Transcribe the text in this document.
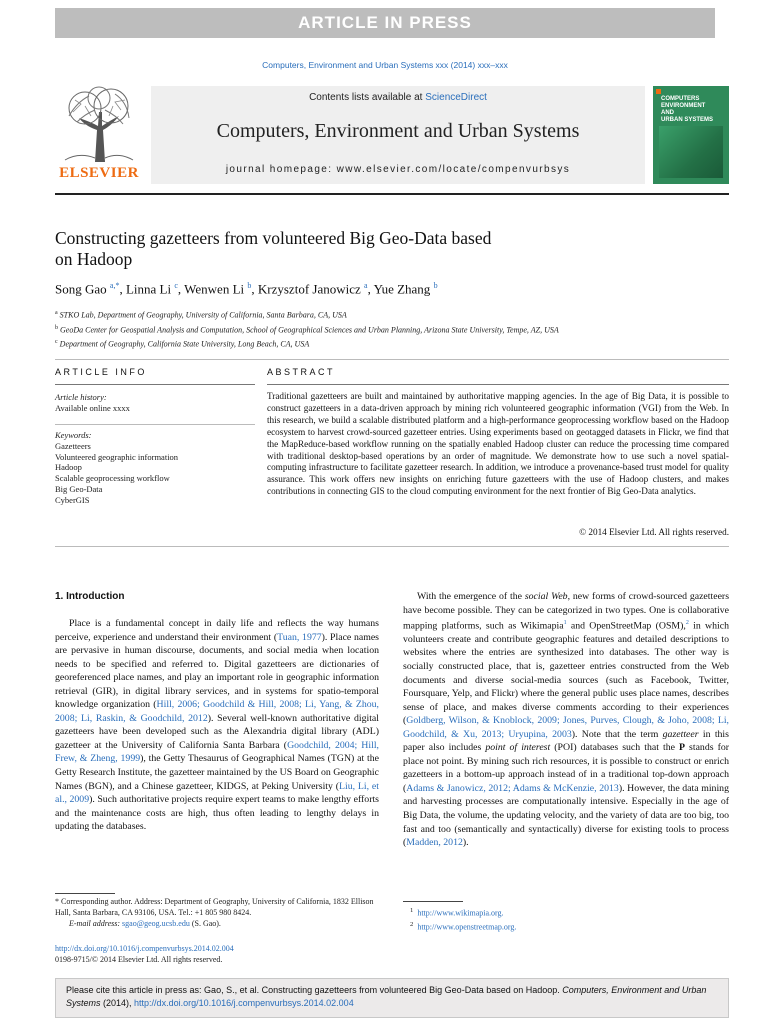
ARTICLE IN PRESS
Computers, Environment and Urban Systems xxx (2014) xxx–xxx
ELSEVIER
Contents lists available at ScienceDirect
Computers, Environment and Urban Systems
journal homepage: www.elsevier.com/locate/compenvurbsys
COMPUTERS
ENVIRONMENT
AND
URBAN SYSTEMS
Constructing gazetteers from volunteered Big Geo-Data based
on Hadoop
Song Gao $^{a,*}$, Linna Li $^c$, Wenwen Li $^b$, Krzysztof Janowicz $^a$, Yue Zhang $^b$
$^a$ STKO Lab, Department of Geography, University of California, Santa Barbara, CA, USA
$^b$ GeoDa Center for Geospatial Analysis and Computation, School of Geographical Sciences and Urban Planning, Arizona State University, Tempe, AZ, USA
$^c$ Department of Geography, California State University, Long Beach, CA, USA
ARTICLE INFO	ABSTRACT
Article history:
Available online xxxx
Keywords:
Gazetteers
Volunteered geographic information
Hadoop
Scalable geoprocessing workflow
Big Geo-Data
CyberGIS
Traditional gazetteers are built and maintained by authoritative mapping agencies. In the age of Big Data, it is possible to construct gazetteers in a data-driven approach by mining rich volunteered geographic information (VGI) from the Web. In this research, we build a scalable distributed platform and a high-performance geoprocessing workflow based on the Hadoop ecosystem to harvest crowd-sourced gazetteer entries. Using experiments based on geotagged datasets in Flickr, we find that the MapReduce-based workflow running on the spatially enabled Hadoop cluster can reduce the processing time compared with traditional desktop-based operations by an order of magnitude. We demonstrate how to use such a novel spatial-computing infrastructure to facilitate gazetteer research. In addition, we introduce a provenance-based trust model for quality assurance. This work offers new insights on enriching future gazetteers with the use of Hadoop clusters, and makes contributions in connecting GIS to the cloud computing environment for the next frontier of Big Geo-Data analytics.
© 2014 Elsevier Ltd. All rights reserved.
1. Introduction

Place is a fundamental concept in daily life and reflects the way humans perceive, experience and understand their environment (Tuan, 1977). Place names are pervasive in human discourse, documents, and social media when location needs to be specified and referred to. Digital gazetteers are dictionaries of georeferenced place names, and play an important role in geographic information retrieval (GIR), in digital library services, and in systems for spatio-temporal knowledge organization (Hill, 2006; Goodchild & Hill, 2008; Li, Yang, & Zhou, 2008; Li, Raskin, & Goodchild, 2012). Several well-known authoritative digital gazetteers have been developed such as the Alexandria digital library (ADL) gazetteer at the University of California Santa Barbara (Goodchild, 2004; Hill, Frew, & Zheng, 1999), the Getty Thesaurus of Geographical Names (TGN) at the Getty Research Institute, the gazetteer maintained by the US Board on Geographic Names (BGN), and a Chinese gazetteer, KIDGS, at Peking University (Liu, Li, et al., 2009). Such authoritative projects require expert teams to make lengthy efforts and the maintenance costs are high, thus often leading to lengthy delays in updating the databases.

With the emergence of the social Web, new forms of crowd-sourced gazetteers have become possible. They can be categorized in two types. One is collaborative mapping platforms, such as Wikimapia$^1$ and OpenStreetMap (OSM),$^2$ in which volunteers create and contribute geographic features and detailed descriptions to websites where the entries are synthesized into databases. The other way is socially constructed place, that is, gazetteer entries constructed from the Web documents and diverse social-media sources (such as Facebook, Twitter, Foursquare, Yelp, and Flickr) where the general public uses place names, describes sense of place, and makes diverse comments according to their experiences (Goldberg, Wilson, & Knoblock, 2009; Jones, Purves, Clough, & Joho, 2008; Li, Goodchild, & Xu, 2013; Uryupina, 2003). Note that the term gazetteer in this paper also includes point of interest (POI) databases such that the P stands for place not point. By mining such rich resources, it is possible to construct or enrich gazetteers in a bottom-up approach instead of in a traditional top-down approach (Adams & Janowicz, 2012; Adams & McKenzie, 2013). However, the data mining and harvesting processes are computationally intensive. Especially in the age of Big Data, the volume, the updating velocity, and the variety of data are too big, too fast and too (semantically and syntactically) diverse for existing tools to process (Madden, 2012).

* Corresponding author. Address: Department of Geography, University of California, 1832 Ellison Hall, Santa Barbara, CA 93106, USA. Tel.: +1 805 980 8424.
E-mail address: sgao@geog.ucsb.edu (S. Gao).
http://dx.doi.org/10.1016/j.compenvurbsys.2014.02.004
0198-9715/© 2014 Elsevier Ltd. All rights reserved.
$^1$ http://www.wikimapia.org.
$^2$ http://www.openstreetmap.org.
Please cite this article in press as: Gao, S., et al. Constructing gazetteers from volunteered Big Geo-Data based on Hadoop. Computers, Environment and Urban Systems (2014), http://dx.doi.org/10.1016/j.compenvurbsys.2014.02.004
